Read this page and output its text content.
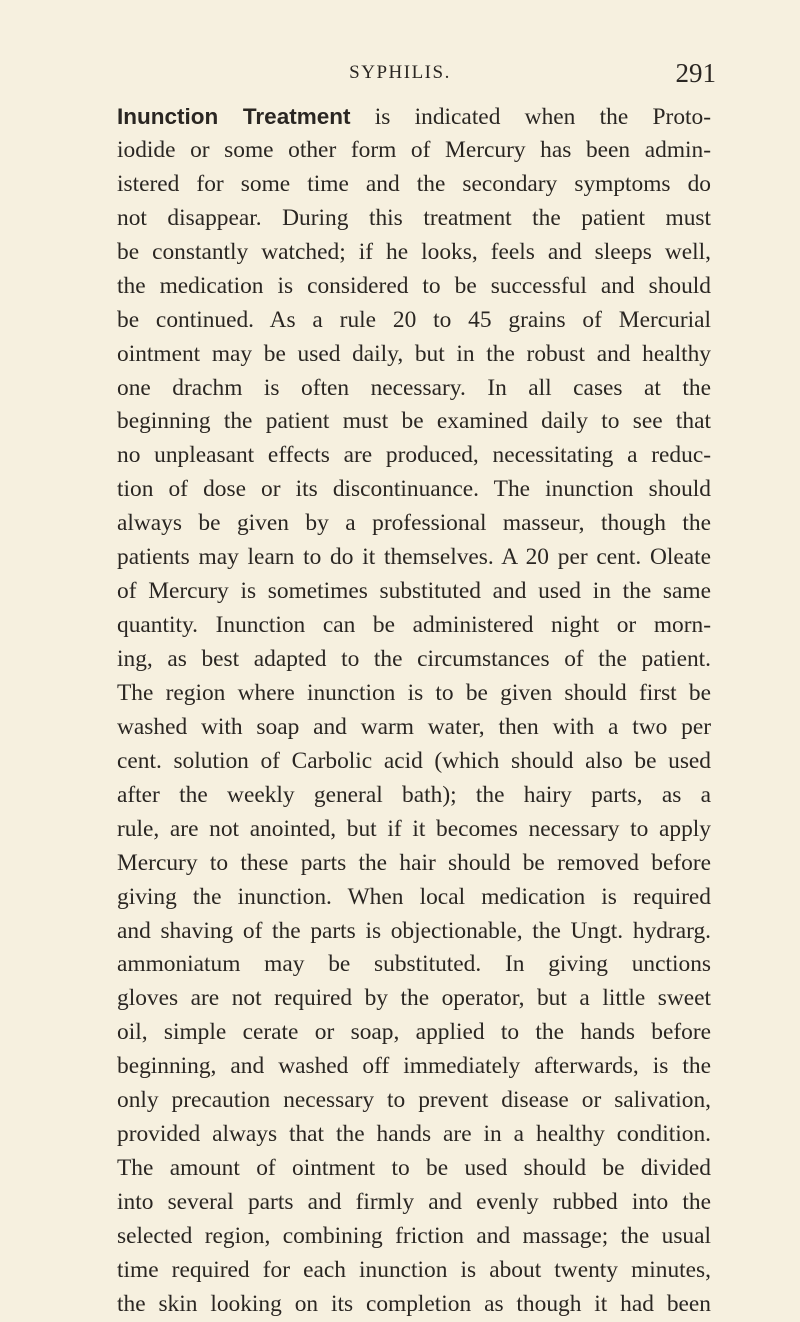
SYPHILIS.	291
Inunction Treatment is indicated when the Proto-
iodide or some other form of Mercury has been admin-
istered for some time and the secondary symptoms do
not disappear. During this treatment the patient must
be constantly watched; if he looks, feels and sleeps well,
the medication is considered to be successful and should
be continued. As a rule 20 to 45 grains of Mercurial
ointment may be used daily, but in the robust and healthy
one drachm is often necessary. In all cases at the
beginning the patient must be examined daily to see that
no unpleasant effects are produced, necessitating a reduc-
tion of dose or its discontinuance. The inunction should
always be given by a professional masseur, though the
patients may learn to do it themselves. A 20 per cent. Oleate
of Mercury is sometimes substituted and used in the same
quantity. Inunction can be administered night or morn-
ing, as best adapted to the circumstances of the patient.
The region where inunction is to be given should first be
washed with soap and warm water, then with a two per
cent. solution of Carbolic acid (which should also be used
after the weekly general bath); the hairy parts, as a
rule, are not anointed, but if it becomes necessary to apply
Mercury to these parts the hair should be removed before
giving the inunction. When local medication is required
and shaving of the parts is objectionable, the Ungt. hydrarg.
ammoniatum may be substituted. In giving unctions
gloves are not required by the operator, but a little sweet
oil, simple cerate or soap, applied to the hands before
beginning, and washed off immediately afterwards, is the
only precaution necessary to prevent disease or salivation,
provided always that the hands are in a healthy condition.
The amount of ointment to be used should be divided
into several parts and firmly and evenly rubbed into the
selected region, combining friction and massage; the usual
time required for each inunction is about twenty minutes,
the skin looking on its completion as though it had been
